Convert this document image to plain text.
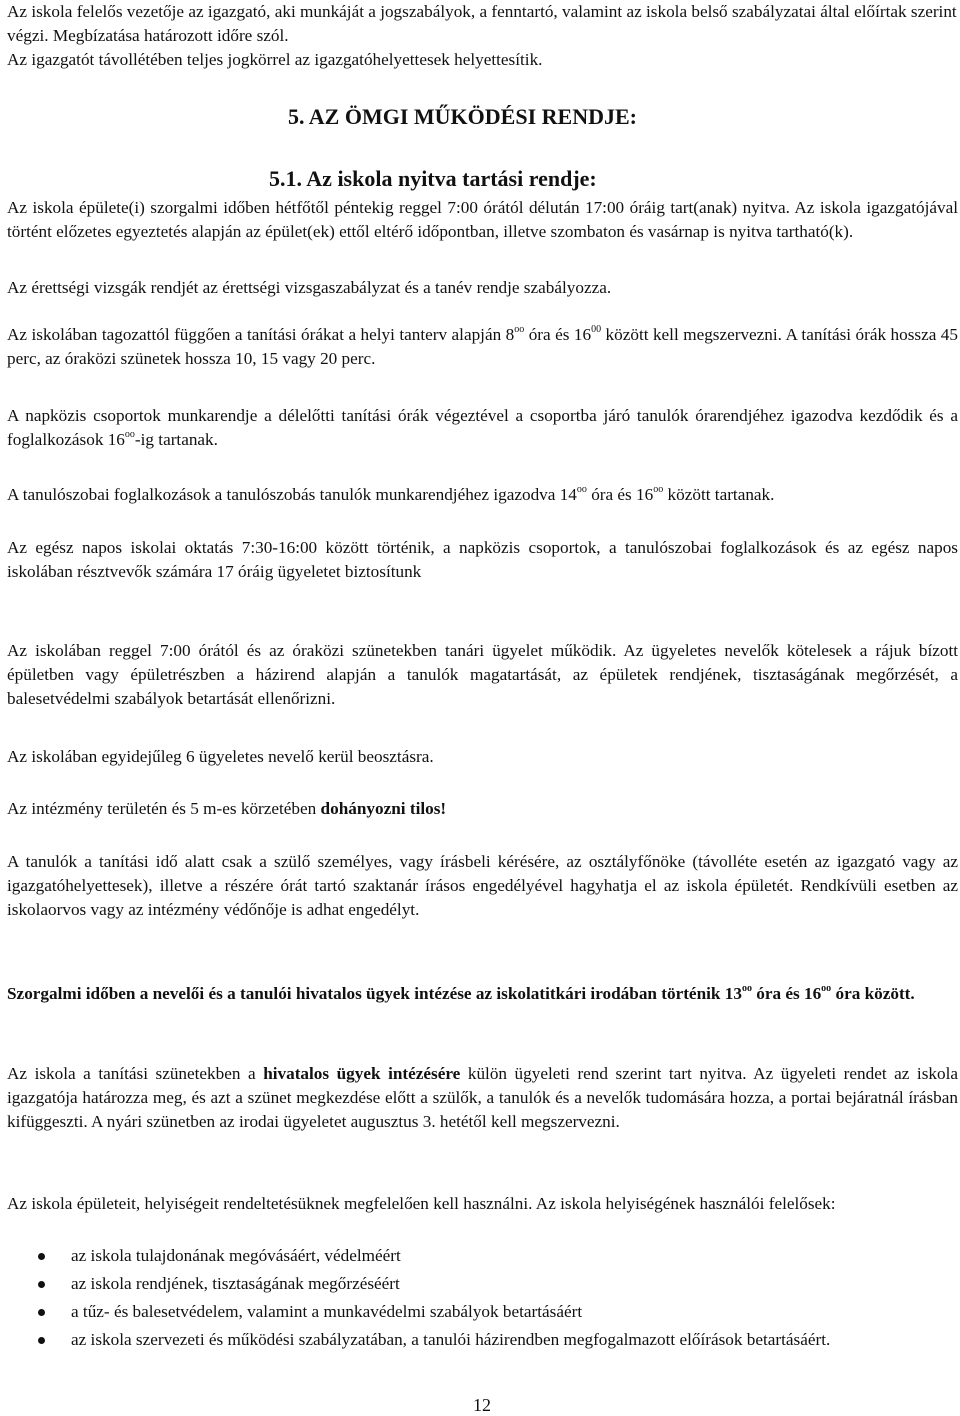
Az iskola felelős vezetője az igazgató, aki munkáját a jogszabályok, a fenntartó, valamint az iskola belső szabályzatai által előírtak szerint végzi. Megbízatása határozott időre szól.

Az igazgatót távollétében teljes jogkörrel az igazgatóhelyettesek helyettesítik.

5. AZ ÖMGI MŰKÖDÉSI RENDJE:
5.1. Az iskola nyitva tartási rendje:

Az iskola épülete(i) szorgalmi időben hétfőtől péntekig reggel 7:00 órától délután 17:00 óráig tart(anak) nyitva. Az iskola igazgatójával történt előzetes egyeztetés alapján az épület(ek) ettől eltérő időpontban, illetve szombaton és vasárnap is nyitva tartható(k).

Az érettségi vizsgák rendjét az érettségi vizsgaszabályzat és a tanév rendje szabályozza.

Az iskolában tagozattól függően a tanítási órákat a helyi tanterv alapján $8^{oo}$ óra és $16^{00}$ között kell megszervezni. A tanítási órák hossza 45 perc, az óraközi szünetek hossza 10, 15 vagy 20 perc.

A napközis csoportok munkarendje a délelőtti tanítási órák végeztével a csoportba járó tanulók órarendjéhez igazodva kezdődik és a foglalkozások $16^{oo}-ig$ tartanak.

A tanulószobai foglalkozások a tanulószobás tanulók munkarendjéhez igazodva $14^{oo}$ óra és $16^{oo}$ között tartanak.

Az egész napos iskolai oktatás 7:30-16:00 között történik, a napközis csoportok, a tanulószobai foglalkozások és az egész napos iskolában résztvevők számára 17 óráig ügyeletet biztosítunk

Az iskolában reggel 7:00 órától és az óraközi szünetekben tanári ügyelet működik. Az ügyeletes nevelők kötelesek a rájuk bízott épületben vagy épületrészben a házirend alapján a tanulók magatartását, az épületek rendjének, tisztaságának megőrzését, a balesetvédelmi szabályok betartását ellenőrizni.

Az iskolában egyidejűleg 6 ügyeletes nevelő kerül beosztásra.

Az intézmény területén és 5 m-es körzetében dohányozni tilos!

A tanulók a tanítási idő alatt csak a szülő személyes, vagy írásbeli kérésére, az osztályfőnöke (távolléte esetén az igazgató vagy az igazgatóhelyettesek), illetve a részére órát tartó szaktanár írásos engedélyével hagyhatja el az iskola épületét. Rendkívüli esetben az iskolaorvos vagy az intézmény védőnője is adhat engedélyt.

Szorgalmi időben a nevelői és a tanulói hivatalos ügyek intézése az iskolatitkári irodában történik $13^{oo}$ óra és $16^{oo}$ óra között.

Az iskola a tanítási szünetekben a hivatalos ügyek intézésére külön ügyeleti rend szerint tart nyitva. Az ügyeleti rendet az iskola igazgatója határozza meg, és azt a szünet megkezdése előtt a szülők, a tanulók és a nevelők tudomására hozza, a portai bejáratnál írásban kifüggeszti. A nyári szünetben az irodai ügyeletet augusztus 3. hetétől kell megszervezni.

Az iskola épületeit, helyiségeit rendeltetésüknek megfelelően kell használni. Az iskola helyiségének használói felelősek:

az iskola tulajdonának megóvásáért, védelméért
az iskola rendjének, tisztaságának megőrzéséért
a tűz- és balesetvédelem, valamint a munkavédelmi szabályok betartásáért
az iskola szervezeti és működési szabályzatában, a tanulói házirendben megfogalmazott előírások betartásáért.
12
